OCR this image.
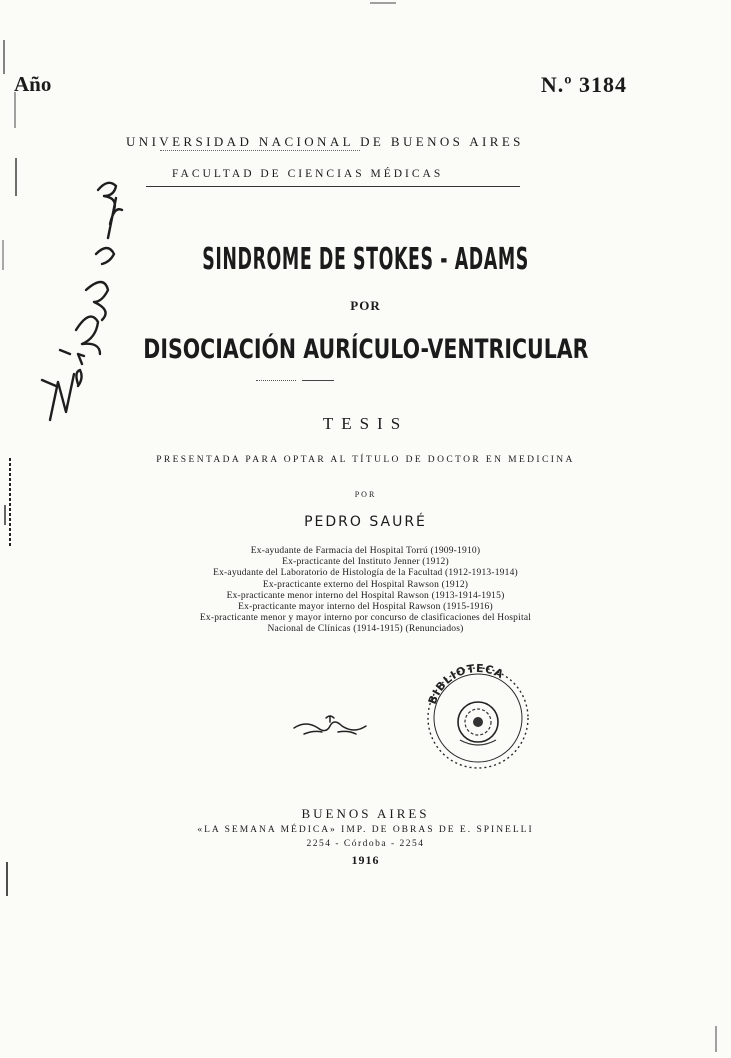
Año	N.º 3184
UNIVERSIDAD NACIONAL DE BUENOS AIRES
FACULTAD DE CIENCIAS MÉDICAS
SINDROME DE STOKES - ADAMS
POR
DISOCIACIÓN AURÍCULO-VENTRICULAR
TESIS
PRESENTADA PARA OPTAR AL TÍTULO DE DOCTOR EN MEDICINA
POR
PEDRO SAURÉ
Ex-ayudante de Farmacia del Hospital Torrú (1909-1910)
Ex-practicante del Instituto Jenner (1912)
Ex-ayudante del Laboratorio de Histología de la Facultad (1912-1913-1914)
Ex-practicante externo del Hospital Rawson (1912)
Ex-practicante menor interno del Hospital Rawson (1913-1914-1915)
Ex-practicante mayor interno del Hospital Rawson (1915-1916)
Ex-practicante menor y mayor interno por concurso de clasificaciones del Hospital
Nacional de Clínicas (1914-1915) (Renunciados)
BIBLIOTECA
BUENOS AIRES
«LA SEMANA MÉDICA» IMP. DE OBRAS DE E. SPINELLI
2254 - Córdoba - 2254
1916
